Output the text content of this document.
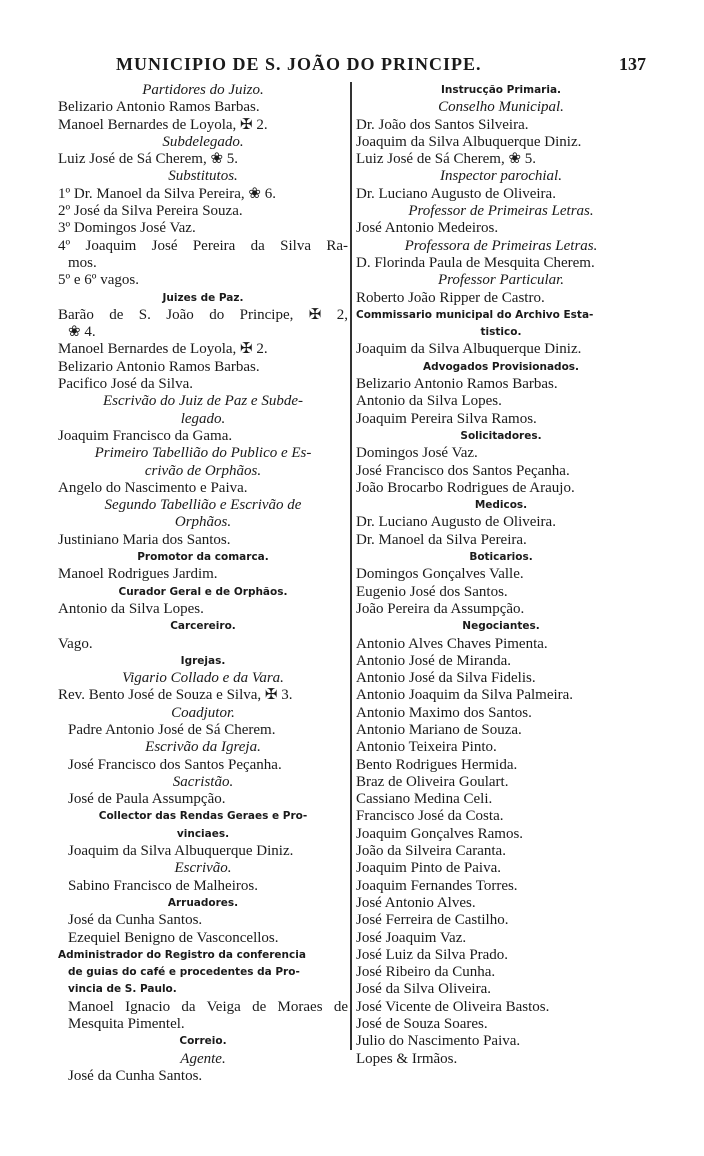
MUNICIPIO DE S. JOÃO DO PRINCIPE.	137
Partidores do Juizo.
Belizario Antonio Ramos Barbas.
Manoel Bernardes de Loyola, ✠ 2.
Subdelegado.
Luiz José de Sá Cherem, ❀ 5.
Substitutos.
1º Dr. Manoel da Silva Pereira, ❀ 6.
2º José da Silva Pereira Souza.
3º Domingos José Vaz.
4º Joaquim José Pereira da Silva Ra-
mos.
5º e 6º vagos.
Juizes de Paz.
Barão de S. João do Principe, ✠ 2,
❀ 4.
Manoel Bernardes de Loyola, ✠ 2.
Belizario Antonio Ramos Barbas.
Pacifico José da Silva.
Escrivão do Juiz de Paz e Subde-
legado.
Joaquim Francisco da Gama.
Primeiro Tabellião do Publico e Es-
crivão de Orphãos.
Angelo do Nascimento e Paiva.
Segundo Tabellião e Escrivão de
Orphãos.
Justiniano Maria dos Santos.
Promotor da comarca.
Manoel Rodrigues Jardim.
Curador Geral e de Orphãos.
Antonio da Silva Lopes.
Carcereiro.
Vago.
Igrejas.
Vigario Collado e da Vara.
Rev. Bento José de Souza e Silva, ✠ 3.
Coadjutor.
Padre Antonio José de Sá Cherem.
Escrivão da Igreja.
José Francisco dos Santos Peçanha.
Sacristão.
José de Paula Assumpção.
Collector das Rendas Geraes e Pro-
vinciaes.
Joaquim da Silva Albuquerque Diniz.
Escrivão.
Sabino Francisco de Malheiros.
Arruadores.
José da Cunha Santos.
Ezequiel Benigno de Vasconcellos.
Administrador do Registro da conferencia
de guias do café e procedentes da Pro-
vincia de S. Paulo.
Manoel Ignacio da Veiga de Moraes de
Mesquita Pimentel.
Correio.
Agente.
José da Cunha Santos.
Instrucção Primaria.
Conselho Municipal.
Dr. João dos Santos Silveira.
Joaquim da Silva Albuquerque Diniz.
Luiz José de Sá Cherem, ❀ 5.
Inspector parochial.
Dr. Luciano Augusto de Oliveira.
Professor de Primeiras Letras.
José Antonio Medeiros.
Professora de Primeiras Letras.
D. Florinda Paula de Mesquita Cherem.
Professor Particular.
Roberto João Ripper de Castro.
Commissario municipal do Archivo Esta-
tistico.
Joaquim da Silva Albuquerque Diniz.
Advogados Provisionados.
Belizario Antonio Ramos Barbas.
Antonio da Silva Lopes.
Joaquim Pereira Silva Ramos.
Solicitadores.
Domingos José Vaz.
José Francisco dos Santos Peçanha.
João Brocarbo Rodrigues de Araujo.
Medicos.
Dr. Luciano Augusto de Oliveira.
Dr. Manoel da Silva Pereira.
Boticarios.
Domingos Gonçalves Valle.
Eugenio José dos Santos.
João Pereira da Assumpção.
Negociantes.
Antonio Alves Chaves Pimenta.
Antonio José de Miranda.
Antonio José da Silva Fidelis.
Antonio Joaquim da Silva Palmeira.
Antonio Maximo dos Santos.
Antonio Mariano de Souza.
Antonio Teixeira Pinto.
Bento Rodrigues Hermida.
Braz de Oliveira Goulart.
Cassiano Medina Celi.
Francisco José da Costa.
Joaquim Gonçalves Ramos.
João da Silveira Caranta.
Joaquim Pinto de Paiva.
Joaquim Fernandes Torres.
José Antonio Alves.
José Ferreira de Castilho.
José Joaquim Vaz.
José Luiz da Silva Prado.
José Ribeiro da Cunha.
José da Silva Oliveira.
José Vicente de Oliveira Bastos.
José de Souza Soares.
Julio do Nascimento Paiva.
Lopes & Irmãos.
